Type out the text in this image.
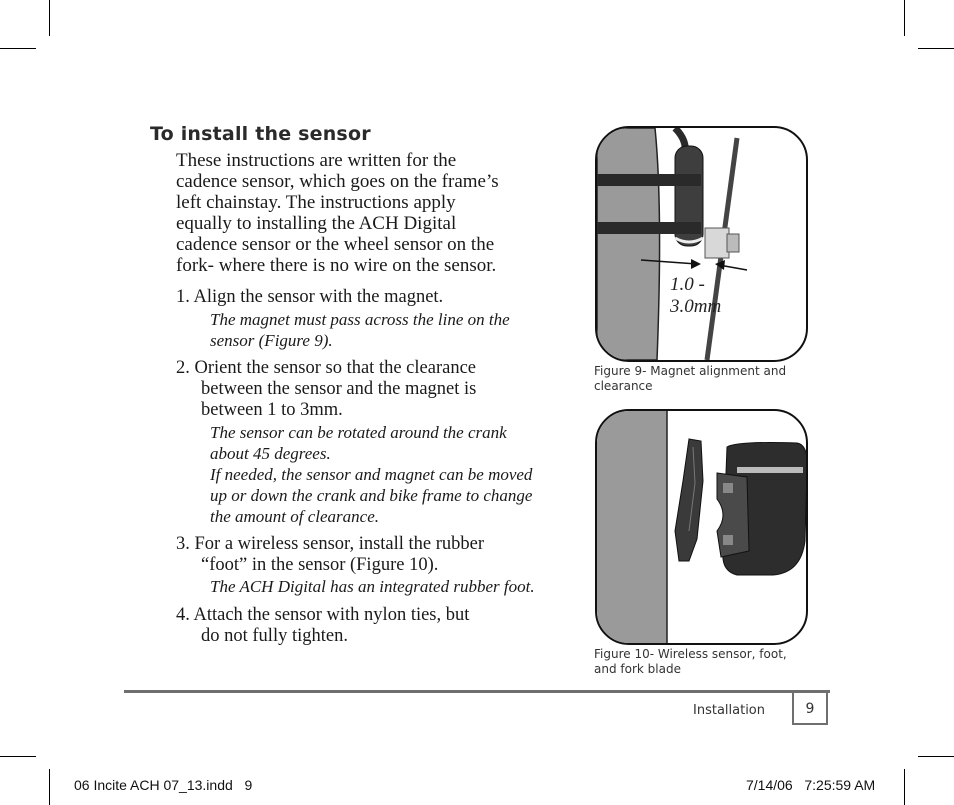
To install the sensor
These instructions are written for the
cadence sensor, which goes on the frame’s
left chainstay. The instructions apply
equally to installing the ACH Digital
cadence sensor or the wheel sensor on the
fork- where there is no wire on the sensor.
1. Align the sensor with the magnet.
The magnet must pass across the line on the
sensor (Figure 9).
2. Orient the sensor so that the clearance
between the sensor and the magnet is
between 1 to 3mm.
The sensor can be rotated around the crank
about 45 degrees.
If needed, the sensor and magnet can be moved
up or down the crank and bike frame to change
the amount of clearance.
3. For a wireless sensor, install the rubber
“foot” in the sensor (Figure 10).
The ACH Digital has an integrated rubber foot.
4. Attach the sensor with nylon ties, but
do not fully tighten.
1.0 -
3.0mm
Figure 9- Magnet alignment and
clearance
Figure 10- Wireless sensor, foot,
and fork blade
Installation	9
06 Incite ACH 07_13.indd   9	7/14/06   7:25:59 AM
